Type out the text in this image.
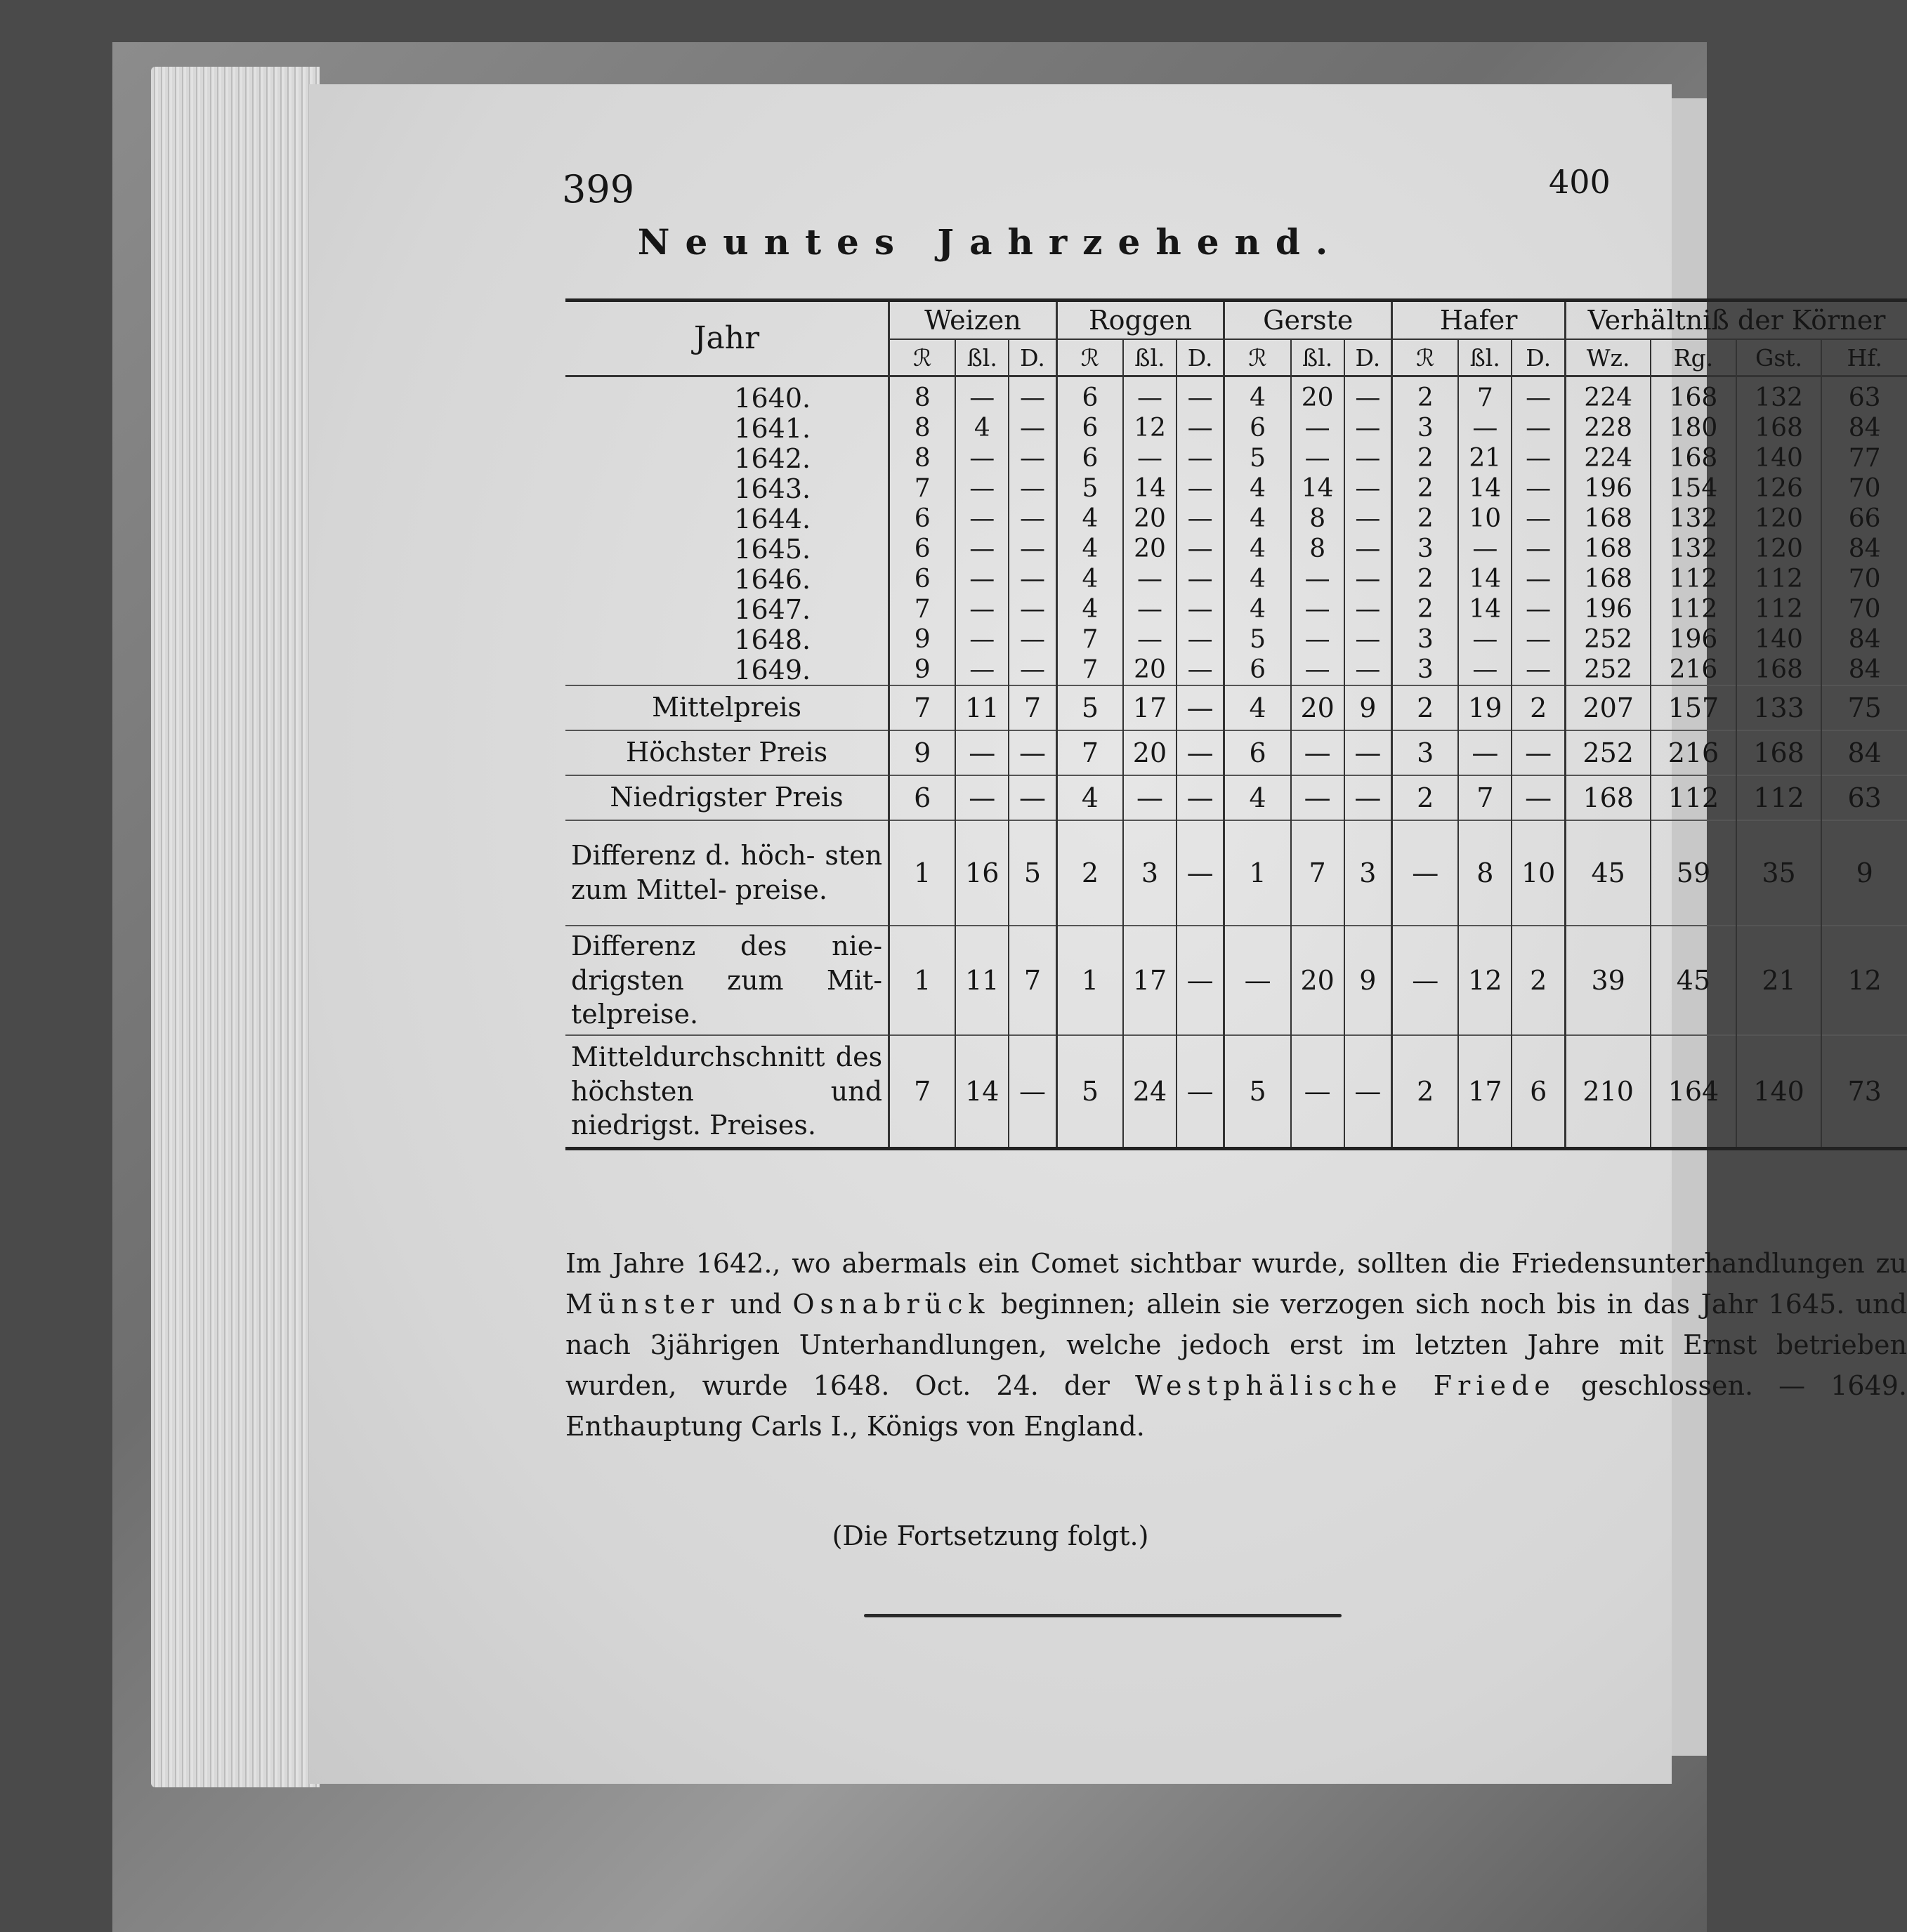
399	400
Neuntes Jahrzehend.
Jahr	Weizen			Roggen			Gerste			Hafer			Verhältniß der Körner			
	ℛ	ßl.	D.	ℛ	ßl.	D.	ℛ	ßl.	D.	ℛ	ßl.	D.	Wz.	Rg.	Gst.	Hf.
1640.	8	—	—	6	—	—	4	20	—	2	7	—	224	168	132	63
1641.	8	4	—	6	12	—	6	—	—	3	—	—	228	180	168	84
1642.	8	—	—	6	—	—	5	—	—	2	21	—	224	168	140	77
1643.	7	—	—	5	14	—	4	14	—	2	14	—	196	154	126	70
1644.	6	—	—	4	20	—	4	8	—	2	10	—	168	132	120	66
1645.	6	—	—	4	20	—	4	8	—	3	—	—	168	132	120	84
1646.	6	—	—	4	—	—	4	—	—	2	14	—	168	112	112	70
1647.	7	—	—	4	—	—	4	—	—	2	14	—	196	112	112	70
1648.	9	—	—	7	—	—	5	—	—	3	—	—	252	196	140	84
1649.	9	—	—	7	20	—	6	—	—	3	—	—	252	216	168	84
Mittelpreis	7	11	7	5	17	—	4	20	9	2	19	2	207	157	133	75
Höchster Preis	9	—	—	7	20	—	6	—	—	3	—	—	252	216	168	84
Niedrigster Preis	6	—	—	4	—	—	4	—	—	2	7	—	168	112	112	63
Differenz d. höch- sten zum Mittel- preise.	1	16	5	2	3	—	1	7	3	—	8	10	45	59	35	9
Differenz des nie- drigsten zum Mit- telpreise.	1	11	7	1	17	—	—	20	9	—	12	2	39	45	21	12
Mitteldurchschnitt des höchsten und niedrigst. Preises.	7	14	—	5	24	—	5	—	—	2	17	6	210	164	140	73
Im Jahre 1642., wo abermals ein Comet sichtbar wurde, sollten die Friedensunterhandlungen zu Münster und Osnabrück beginnen; allein sie verzogen sich noch bis in das Jahr 1645. und nach 3jährigen Unterhandlungen, welche jedoch erst im letzten Jahre mit Ernst betrieben wurden, wurde 1648. Oct. 24. der Westphälische Friede geschlossen. — 1649. Enthauptung Carls I., Königs von England.
(Die Fortsetzung folgt.)
